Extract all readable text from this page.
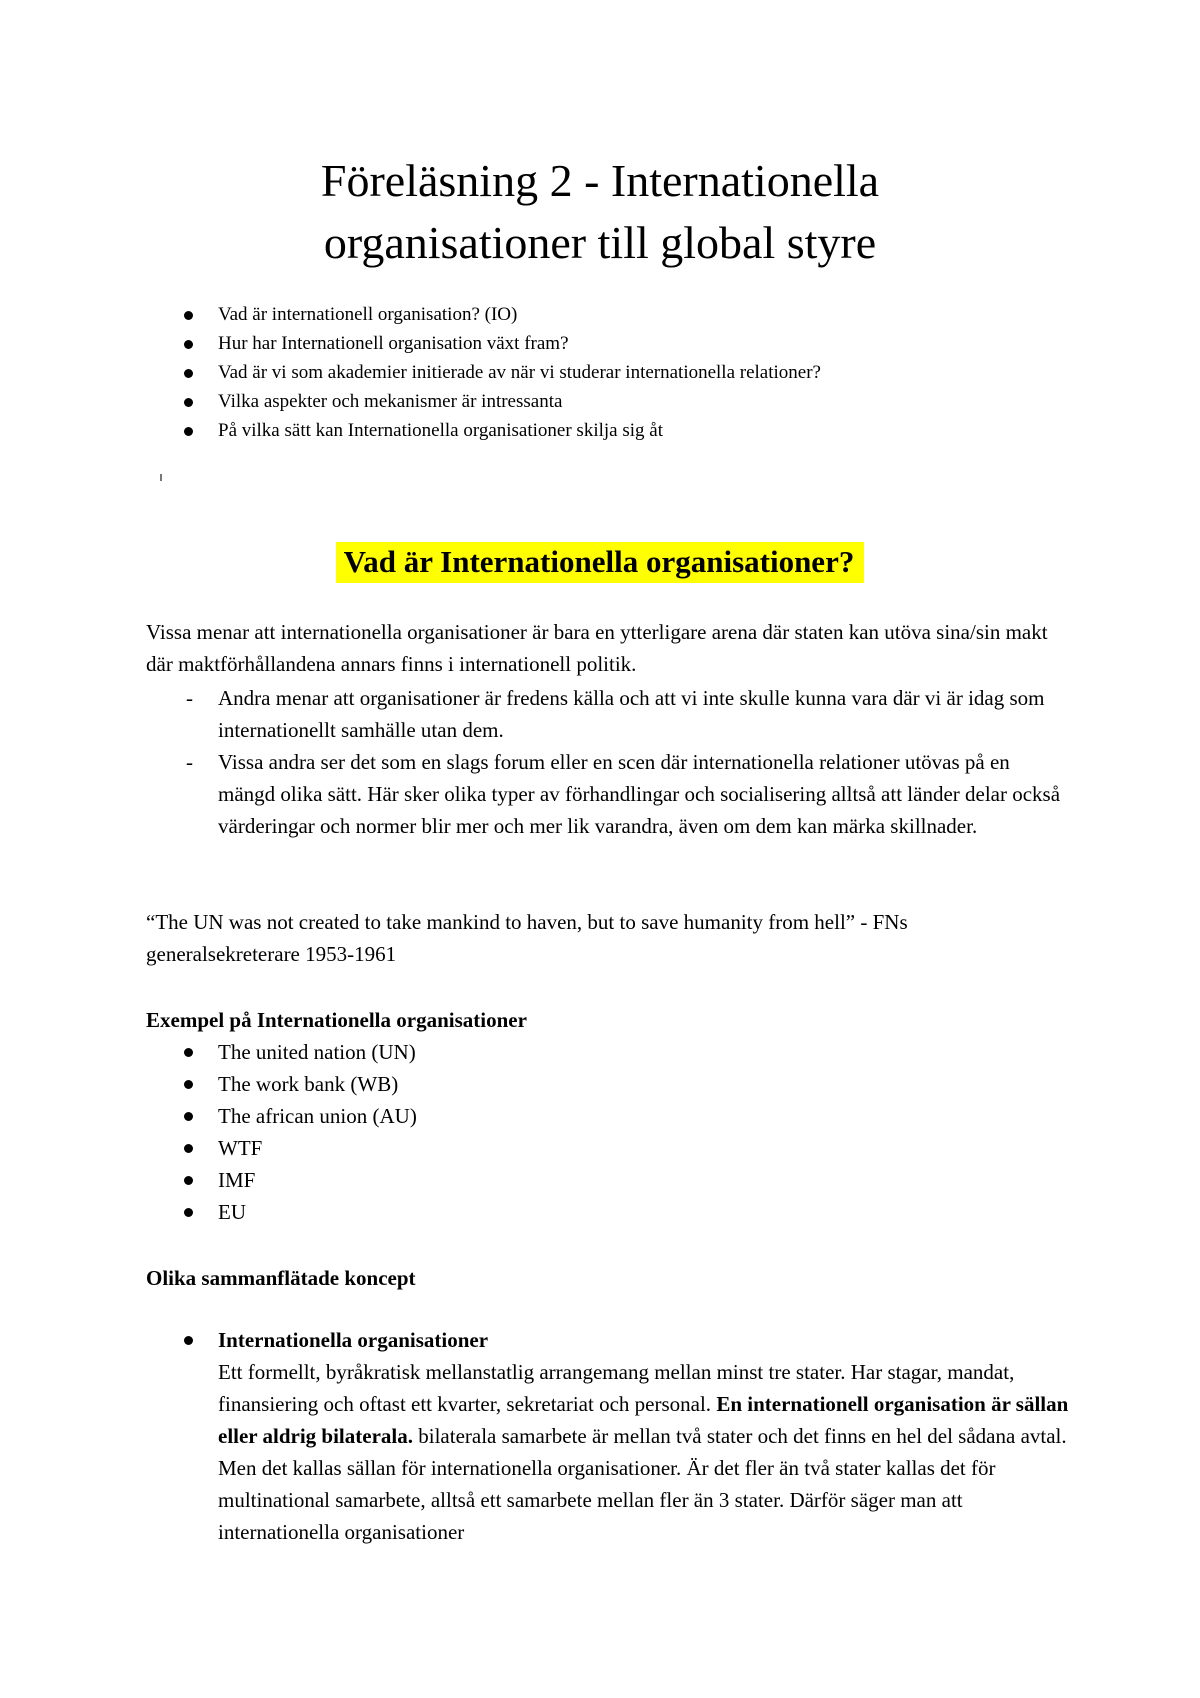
Föreläsning 2 - Internationella
organisationer till global styre
Vad är internationell organisation? (IO)
Hur har Internationell organisation växt fram?
Vad är vi som akademier initierade av när vi studerar internationella relationer?
Vilka aspekter och mekanismer är intressanta
På vilka sätt kan Internationella organisationer skilja sig åt
Vad är Internationella organisationer?

Vissa menar att internationella organisationer är bara en ytterligare arena där staten kan utöva sina/sin makt där maktförhållandena annars finns i internationell politik.

- Andra menar att organisationer är fredens källa och att vi inte skulle kunna vara där vi är idag som internationellt samhälle utan dem.
- Vissa andra ser det som en slags forum eller en scen där internationella relationer utövas på en mängd olika sätt. Här sker olika typer av förhandlingar och socialisering alltså att länder delar också värderingar och normer blir mer och mer lik varandra, även om dem kan märka skillnader.

“The UN was not created to take mankind to haven, but to save humanity from hell” - FNs generalsekreterare 1953-1961

Exempel på Internationella organisationer
The united nation (UN)
The work bank (WB)
The african union (AU)
WTF
IMF
EU
Olika sammanflätade koncept
Internationella organisationer
Ett formellt, byråkratisk mellanstatlig arrangemang mellan minst tre stater. Har stagar, mandat, finansiering och oftast ett kvarter, sekretariat och personal. En internationell organisation är sällan eller aldrig bilaterala. bilaterala samarbete är mellan två stater och det finns en hel del sådana avtal. Men det kallas sällan för internationella organisationer. Är det fler än två stater kallas det för multinational samarbete, alltså ett samarbete mellan fler än 3 stater. Därför säger man att internationella organisationer
